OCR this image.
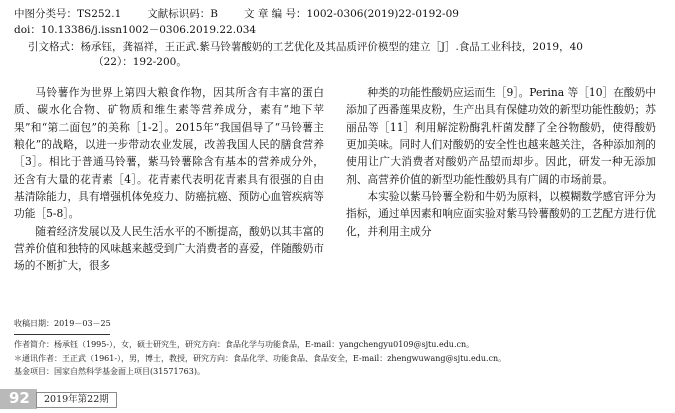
中图分类号：TS252.1 文献标识码：B 文 章 编 号：1002-0306(2019)22-0192-09
doi：10.13386/j.issn1002－0306.2019.22.034
引文格式： 杨承钰，龚福祥，王正武.紫马铃薯酸奶的工艺优化及其品质评价模型的建立［J］.食品工业科技，2019，40
（22）：192-200。

马铃薯作为世界上第四大粮食作物，因其所含有丰富的蛋白质、碳水化合物、矿物质和维生素等营养成分，素有“地下苹果”和“第二面包”的美称［1-2］。2015年“我国倡导了“马铃薯主粮化”的战略，以进一步带动农业发展，改善我国人民的膳食营养［3］。相比于普通马铃薯，紫马铃薯除含有基本的营养成分外，还含有大量的花青素［4］。花青素代表明花青素具有很强的自由基清除能力，具有增强机体免疫力、防癌抗癌、预防心血管疾病等功能［5-8］。

随着经济发展以及人民生活水平的不断提高，酸奶以其丰富的营养价值和独特的风味越来越受到广大消费者的喜爱，伴随酸奶市场的不断扩大，很多

种类的功能性酸奶应运而生［9］。Perina 等［10］在酸奶中添加了西番莲果皮粉，生产出具有保健功效的新型功能性酸奶；苏丽品等［11］利用解淀粉酶乳杆菌发酵了全谷物酸奶，使得酸奶更加美味。同时人们对酸奶的安全性也越来越关注，各种添加剂的使用让广大消费者对酸奶产品望而却步。因此，研发一种无添加剂、高营养价值的新型功能性酸奶具有广阔的市场前景。

本实验以紫马铃薯全粉和牛奶为原料，以模糊数学感官评分为指标，通过单因素和响应面实验对紫马铃薯酸奶的工艺配方进行优化，并利用主成分

收稿日期：2019－03－25
作者简介：杨承钰（1995-），女，硕士研究生，研究方向：食品化学与功能食品，E-mail：yangchengyu0109@sjtu.edu.cn。
＊通讯作者：王正武（1961-），男，博士，教授，研究方向：食品化学、功能食品、食品安全，E-mail：zhengwuwang@sjtu.edu.cn。
基金项目：国家自然科学基金面上项目(31571763)。
92	2019年第22期
